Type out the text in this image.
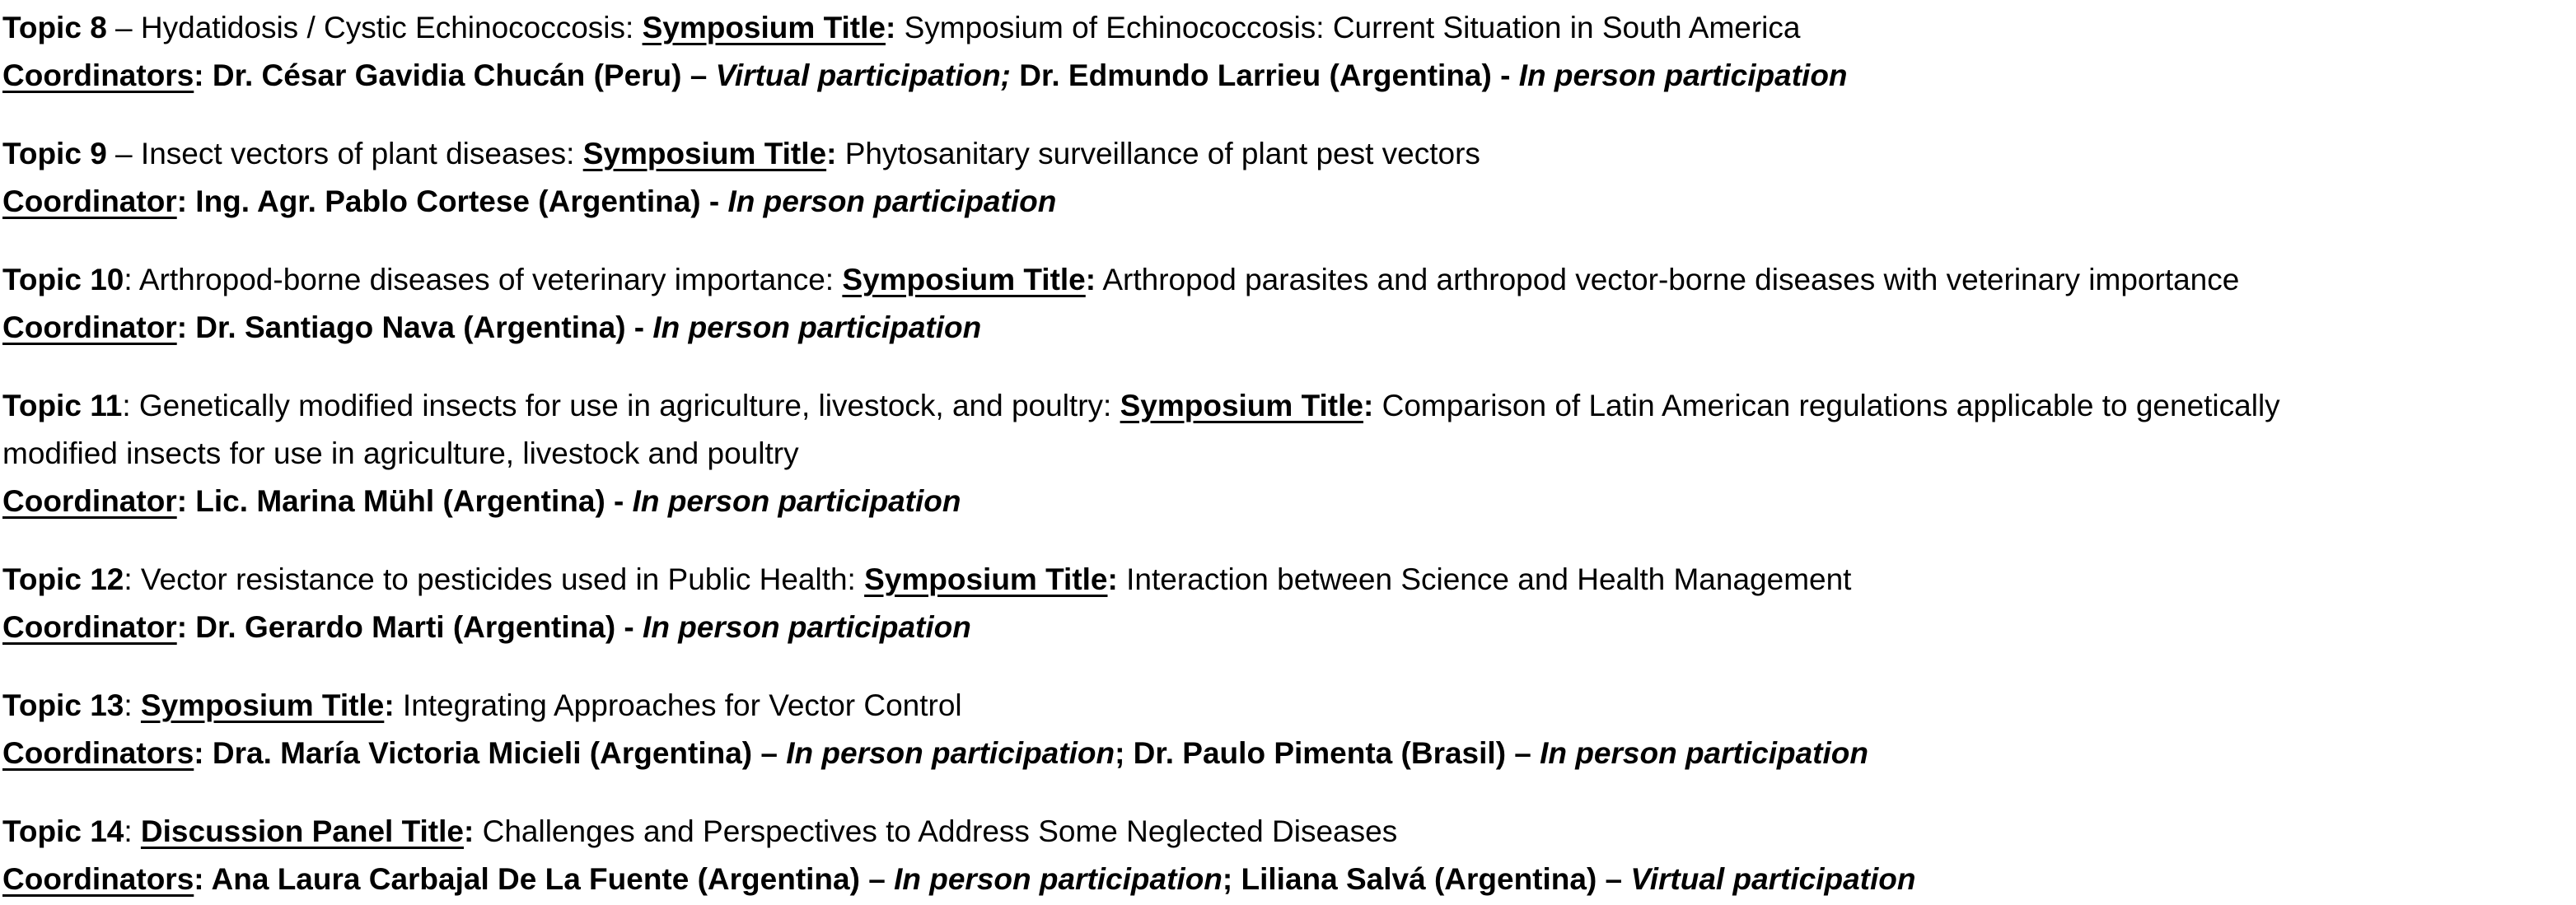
Topic 8 – Hydatidosis / Cystic Echinococcosis: Symposium Title: Symposium of Echinococcosis: Current Situation in South America
Coordinators: Dr. César Gavidia Chucán (Peru) – Virtual participation; Dr. Edmundo Larrieu (Argentina) - In person participation
Topic 9 – Insect vectors of plant diseases: Symposium Title: Phytosanitary surveillance of plant pest vectors
Coordinator: Ing. Agr. Pablo Cortese (Argentina) - In person participation
Topic 10: Arthropod-borne diseases of veterinary importance: Symposium Title: Arthropod parasites and arthropod vector-borne diseases with veterinary importance
Coordinator: Dr. Santiago Nava (Argentina) - In person participation
Topic 11: Genetically modified insects for use in agriculture, livestock, and poultry: Symposium Title: Comparison of Latin American regulations applicable to genetically
modified insects for use in agriculture, livestock and poultry
Coordinator: Lic. Marina Mühl (Argentina) - In person participation
Topic 12: Vector resistance to pesticides used in Public Health: Symposium Title: Interaction between Science and Health Management
Coordinator: Dr. Gerardo Marti (Argentina) - In person participation
Topic 13: Symposium Title: Integrating Approaches for Vector Control
Coordinators: Dra. María Victoria Micieli (Argentina) – In person participation; Dr. Paulo Pimenta (Brasil) – In person participation
Topic 14: Discussion Panel Title: Challenges and Perspectives to Address Some Neglected Diseases
Coordinators: Ana Laura Carbajal De La Fuente (Argentina) – In person participation; Liliana Salvá (Argentina) – Virtual participation
